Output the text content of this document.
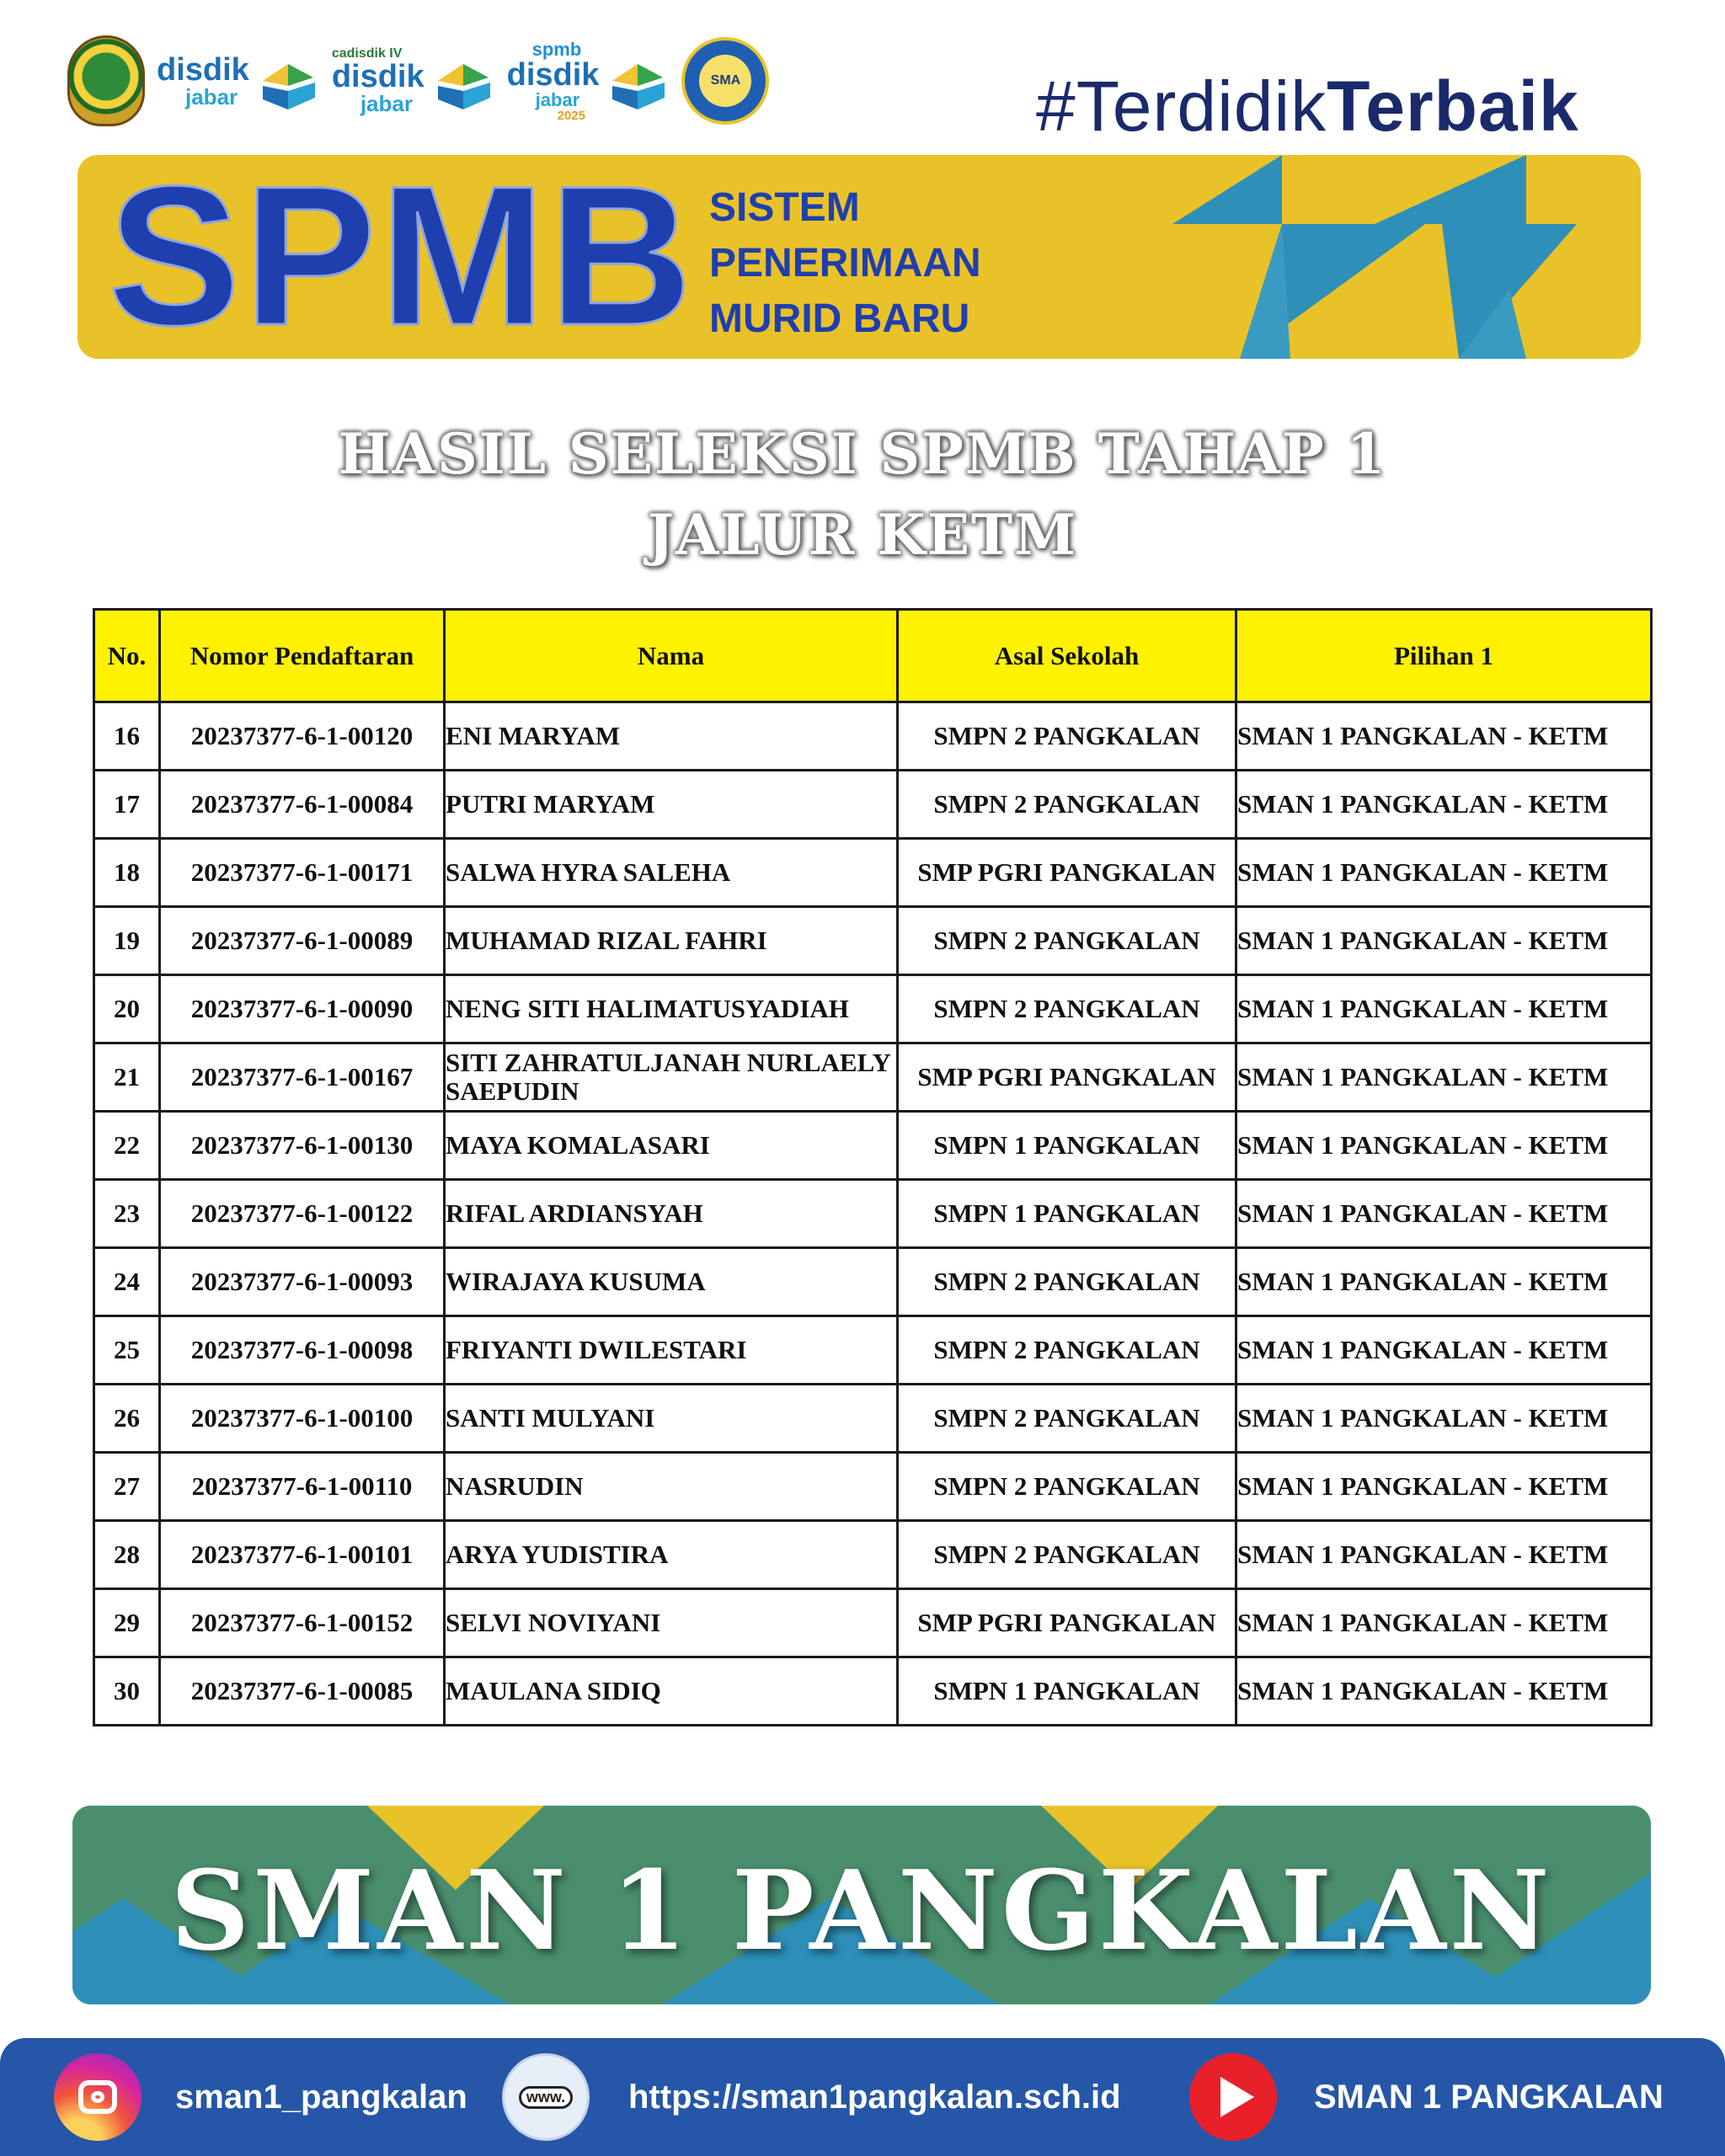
disdik
jabar
cadisdik IV
disdik
jabar
spmb
disdik
jabar
2025
SMA	#TerdidikTerbaik
SPMB SISTEM
PENERIMAAN
MURID BARU
HASIL SELEKSI SPMB TAHAP 1
JALUR KETM
No.	Nomor Pendaftaran	Nama	Asal Sekolah	Pilihan 1
16	20237377-6-1-00120	ENI MARYAM	SMPN 2 PANGKALAN	SMAN 1 PANGKALAN - KETM
17	20237377-6-1-00084	PUTRI MARYAM	SMPN 2 PANGKALAN	SMAN 1 PANGKALAN - KETM
18	20237377-6-1-00171	SALWA HYRA SALEHA	SMP PGRI PANGKALAN	SMAN 1 PANGKALAN - KETM
19	20237377-6-1-00089	MUHAMAD RIZAL FAHRI	SMPN 2 PANGKALAN	SMAN 1 PANGKALAN - KETM
20	20237377-6-1-00090	NENG SITI HALIMATUSYADIAH	SMPN 2 PANGKALAN	SMAN 1 PANGKALAN - KETM
21	20237377-6-1-00167	SITI ZAHRATULJANAH NURLAELY SAEPUDIN	SMP PGRI PANGKALAN	SMAN 1 PANGKALAN - KETM
22	20237377-6-1-00130	MAYA KOMALASARI	SMPN 1 PANGKALAN	SMAN 1 PANGKALAN - KETM
23	20237377-6-1-00122	RIFAL ARDIANSYAH	SMPN 1 PANGKALAN	SMAN 1 PANGKALAN - KETM
24	20237377-6-1-00093	WIRAJAYA KUSUMA	SMPN 2 PANGKALAN	SMAN 1 PANGKALAN - KETM
25	20237377-6-1-00098	FRIYANTI DWILESTARI	SMPN 2 PANGKALAN	SMAN 1 PANGKALAN - KETM
26	20237377-6-1-00100	SANTI MULYANI	SMPN 2 PANGKALAN	SMAN 1 PANGKALAN - KETM
27	20237377-6-1-00110	NASRUDIN	SMPN 2 PANGKALAN	SMAN 1 PANGKALAN - KETM
28	20237377-6-1-00101	ARYA YUDISTIRA	SMPN 2 PANGKALAN	SMAN 1 PANGKALAN - KETM
29	20237377-6-1-00152	SELVI NOVIYANI	SMP PGRI PANGKALAN	SMAN 1 PANGKALAN - KETM
30	20237377-6-1-00085	MAULANA SIDIQ	SMPN 1 PANGKALAN	SMAN 1 PANGKALAN - KETM
SMAN 1 PANGKALAN
sman1_pangkalan	www. https://sman1pangkalan.sch.id	SMAN 1 PANGKALAN
